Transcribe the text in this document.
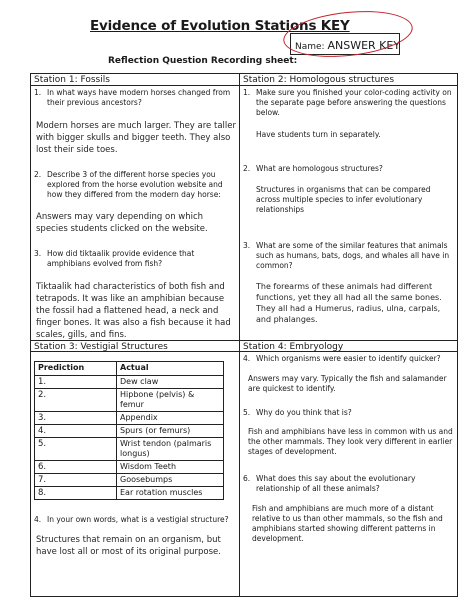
Evidence of Evolution Stations KEY
Name: ANSWER KEY
Reflection Question Recording sheet:
Station 1: Fossils
1. In what ways have modern horses changed from their previous ancestors?
Modern horses are much larger. They are taller with bigger skulls and bigger teeth. They also lost their side toes.
2. Describe 3 of the different horse species you explored from the horse evolution website and how they differed from the modern day horse:
Answers may vary depending on which species students clicked on the website.
3. How did tiktaalik provide evidence that amphibians evolved from fish?
Tiktaalik had characteristics of both fish and tetrapods. It was like an amphibian because the fossil had a flattened head, a neck and finger bones. It was also a fish because it had scales, gills, and fins.
Station 2: Homologous structures
1. Make sure you finished your color-coding activity on the separate page before answering the questions below.
Have students turn in separately.
2. What are homologous structures?
Structures in organisms that can be compared across multiple species to infer evolutionary relationships
3. What are some of the similar features that animals such as humans, bats, dogs, and whales all have in common?
The forearms of these animals had different functions, yet they all had all the same bones. They all had a Humerus, radius, ulna, carpals, and phalanges.
Station 3: Vestigial Structures
Prediction	Actual
1.	Dew claw
2.	Hipbone (pelvis) & femur
3.	Appendix
4.	Spurs (or femurs)
5.	Wrist tendon (palmaris longus)
6.	Wisdom Teeth
7.	Goosebumps
8.	Ear rotation muscles
4. In your own words, what is a vestigial structure?
Structures that remain on an organism, but have lost all or most of its original purpose.
Station 4: Embryology
4. Which organisms were easier to identify quicker?
Answers may vary. Typically the fish and salamander are quickest to identify.
5. Why do you think that is?
Fish and amphibians have less in common with us and the other mammals. They look very different in earlier stages of development.
6. What does this say about the evolutionary relationship of all these animals?
Fish and amphibians are much more of a distant relative to us than other mammals, so the fish and amphibians started showing different patterns in development.
